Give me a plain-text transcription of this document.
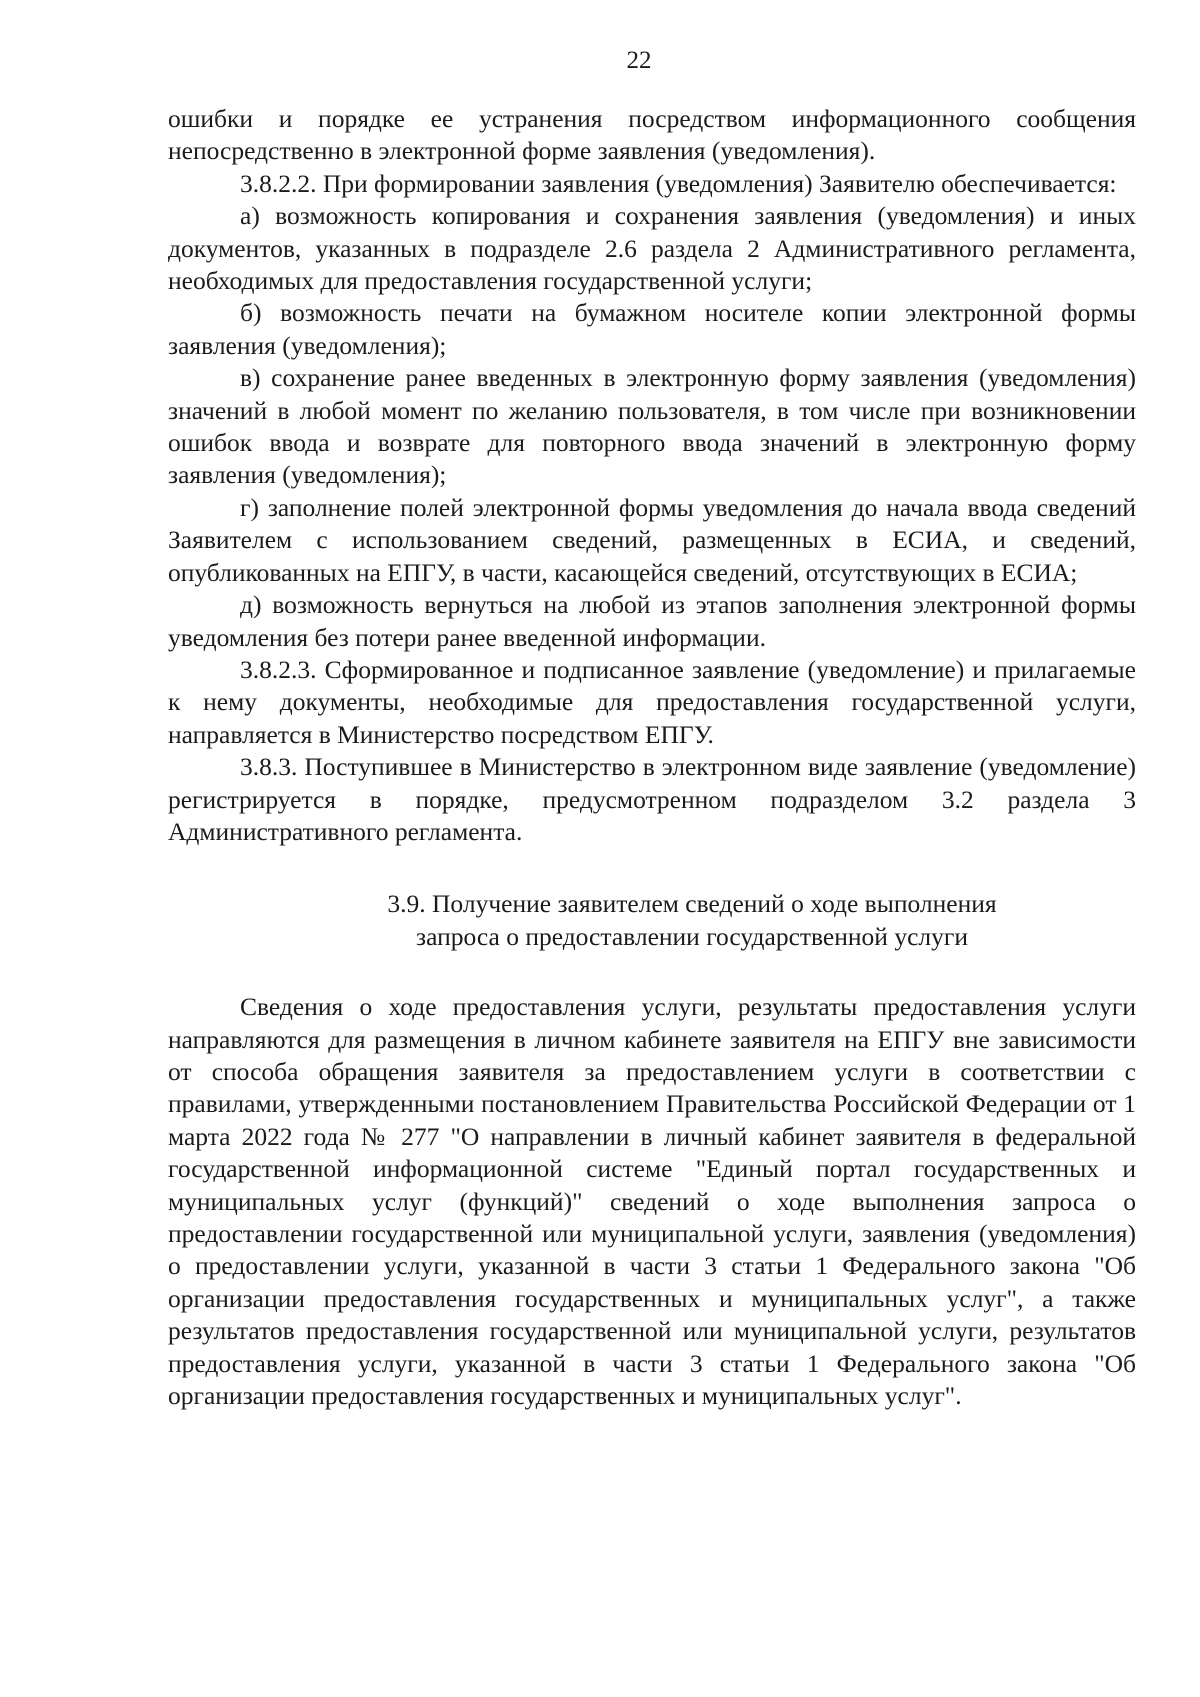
22

ошибки и порядке ее устранения посредством информационного сообщения непосредственно в электронной форме заявления (уведомления).

3.8.2.2. При формировании заявления (уведомления) Заявителю обеспечивается:

а) возможность копирования и сохранения заявления (уведомления) и иных документов, указанных в подразделе 2.6 раздела 2 Административного регламента, необходимых для предоставления государственной услуги;

б) возможность печати на бумажном носителе копии электронной формы заявления (уведомления);

в) сохранение ранее введенных в электронную форму заявления (уведомления) значений в любой момент по желанию пользователя, в том числе при возникновении ошибок ввода и возврате для повторного ввода значений в электронную форму заявления (уведомления);

г) заполнение полей электронной формы уведомления до начала ввода сведений Заявителем с использованием сведений, размещенных в ЕСИА, и сведений, опубликованных на ЕПГУ, в части, касающейся сведений, отсутствующих в ЕСИА;

д) возможность вернуться на любой из этапов заполнения электронной формы уведомления без потери ранее введенной информации.

3.8.2.3. Сформированное и подписанное заявление (уведомление) и прилагаемые к нему документы, необходимые для предоставления государственной услуги, направляется в Министерство посредством ЕПГУ.

3.8.3. Поступившее в Министерство в электронном виде заявление (уведомление) регистрируется в порядке, предусмотренном подразделом 3.2 раздела 3 Административного регламента.

3.9. Получение заявителем сведений о ходе выполнения
запроса о предоставлении государственной услуги

Сведения о ходе предоставления услуги, результаты предоставления услуги направляются для размещения в личном кабинете заявителя на ЕПГУ вне зависимости от способа обращения заявителя за предоставлением услуги в соответствии с правилами, утвержденными постановлением Правительства Российской Федерации от 1 марта 2022 года № 277 "О направлении в личный кабинет заявителя в федеральной государственной информационной системе "Единый портал государственных и муниципальных услуг (функций)" сведений о ходе выполнения запроса о предоставлении государственной или муниципальной услуги, заявления (уведомления) о предоставлении услуги, указанной в части 3 статьи 1 Федерального закона "Об организации предоставления государственных и муниципальных услуг", а также результатов предоставления государственной или муниципальной услуги, результатов предоставления услуги, указанной в части 3 статьи 1 Федерального закона "Об организации предоставления государственных и муниципальных услуг".
